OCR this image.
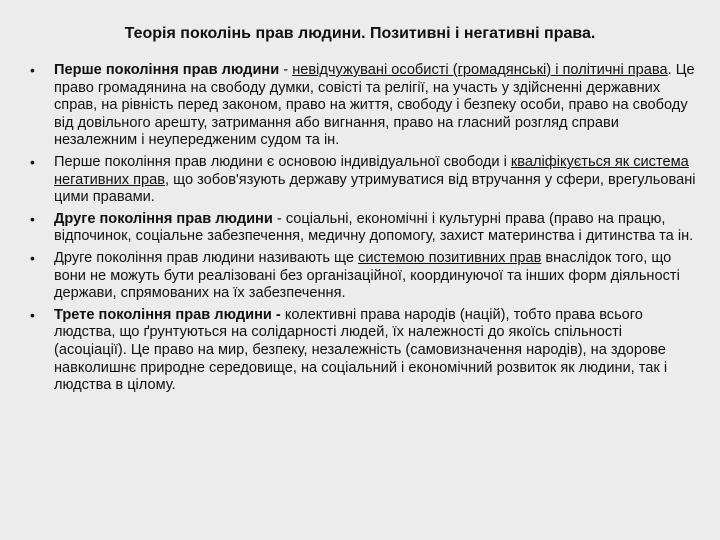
Теорія поколінь прав людини. Позитивні і негативні права.
• Перше покоління прав людини - невідчужувані особисті (громадянські) і політичні права. Це право громадянина на свободу думки, совісті та релігії, на участь у здійсненні державних справ, на рівність перед законом, право на життя, свободу і безпеку особи, право на свободу від довільного арешту, затримання або вигнання, право на гласний розгляд справи незалежним і неупередженим судом та ін.
• Перше покоління прав людини є основою індивідуальної свободи і кваліфікується як система негативних прав, що зобов'язують державу утримуватися від втручання у сфери, врегульовані цими правами.
• Друге покоління прав людини - соціальні, економічні і культурні права (право на працю, відпочинок, соціальне забезпечення, медичну допомогу, захист материнства і дитинства та ін.
• Друге покоління прав людини називають ще системою позитивних прав внаслідок того, що вони не можуть бути реалізовані без організаційної, координуючої та інших форм діяльності держави, спрямованих на їх забезпечення.
• Трете покоління прав людини - колективні права народів (націй), тобто права всього людства, що ґрунтуються на солідарності людей, їх належності до якоїсь спільності (асоціації). Це право на мир, безпеку, незалежність (самовизначення народів), на здорове навколишнє природне середовище, на соціальний і економічний розвиток як людини, так і людства в цілому.
